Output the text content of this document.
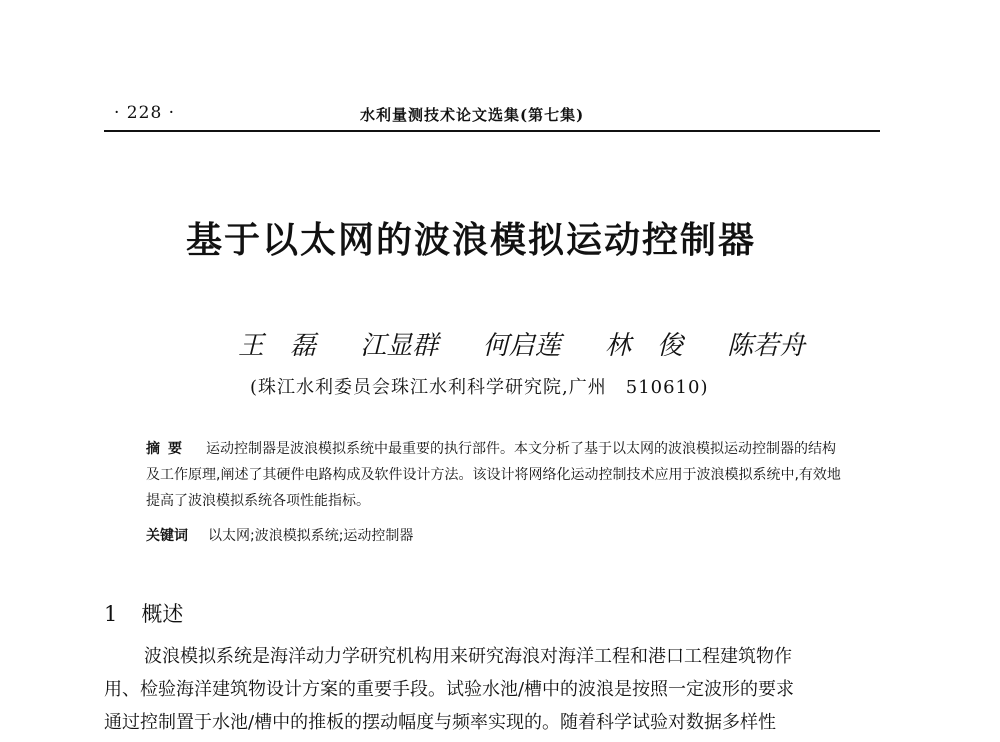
· 228 ·	水利量测技术论文选集(第七集)
基于以太网的波浪模拟运动控制器
王　磊 江显群 何启莲 林　俊 陈若舟
(珠江水利委员会珠江水利科学研究院,广州　510610)
摘要 运动控制器是波浪模拟系统中最重要的执行部件。本文分析了基于以太网的波浪模拟运动控制器的结构及工作原理,阐述了其硬件电路构成及软件设计方法。该设计将网络化运动控制技术应用于波浪模拟系统中,有效地提高了波浪模拟系统各项性能指标。
关键词 以太网;波浪模拟系统;运动控制器
1 概述
波浪模拟系统是海洋动力学研究机构用来研究海浪对海洋工程和港口工程建筑物作
用、检验海洋建筑物设计方案的重要手段。试验水池/槽中的波浪是按照一定波形的要求
通过控制置于水池/槽中的推板的摆动幅度与频率实现的。随着科学试验对数据多样性
